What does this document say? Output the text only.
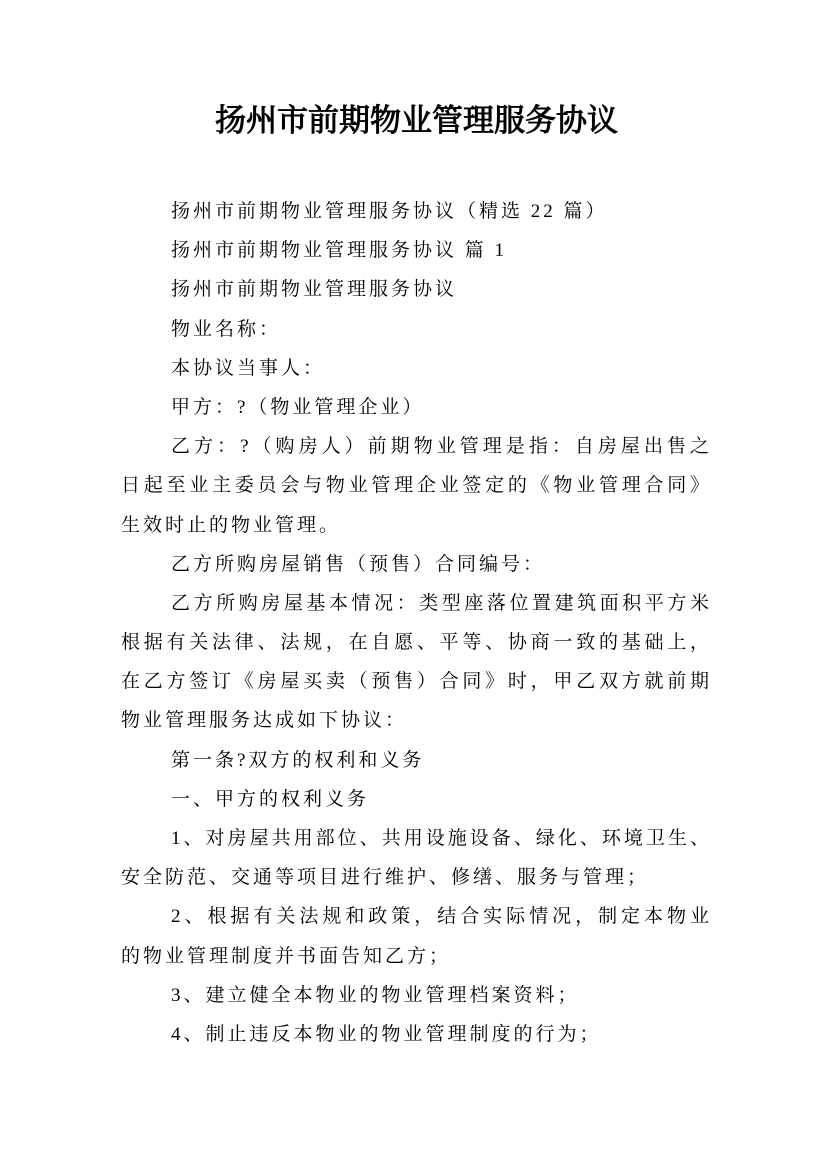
扬州市前期物业管理服务协议
扬州市前期物业管理服务协议（精选 22 篇）
扬州市前期物业管理服务协议 篇 1
扬州市前期物业管理服务协议
物业名称：
本协议当事人：
甲方：?（物业管理企业）
乙方：?（购房人）前期物业管理是指：自房屋出售之
日起至业主委员会与物业管理企业签定的《物业管理合同》
生效时止的物业管理。
乙方所购房屋销售（预售）合同编号：
乙方所购房屋基本情况：类型座落位置建筑面积平方米
根据有关法律、法规，在自愿、平等、协商一致的基础上，
在乙方签订《房屋买卖（预售）合同》时，甲乙双方就前期
物业管理服务达成如下协议：
第一条?双方的权利和义务
一、甲方的权利义务
1、对房屋共用部位、共用设施设备、绿化、环境卫生、
安全防范、交通等项目进行维护、修缮、服务与管理；
2、根据有关法规和政策，结合实际情况，制定本物业
的物业管理制度并书面告知乙方；
3、建立健全本物业的物业管理档案资料；
4、制止违反本物业的物业管理制度的行为；
